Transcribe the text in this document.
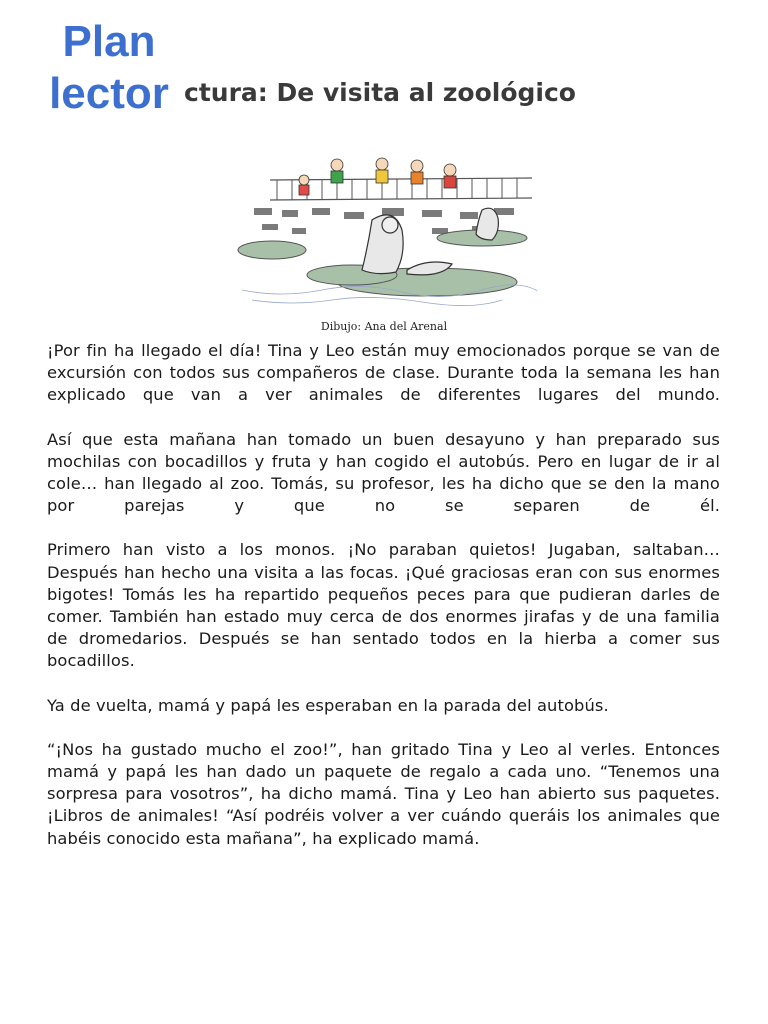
Plan
lector ctura: De visita al zoológico
Dibujo: Ana del Arenal

¡Por fin ha llegado el día! Tina y Leo están muy emocionados porque se van de excursión con todos sus compañeros de clase. Durante toda la semana les han explicado que van a ver animales de diferentes lugares del mundo.

Así que esta mañana han tomado un buen desayuno y han preparado sus mochilas con bocadillos y fruta y han cogido el autobús. Pero en lugar de ir al cole… han llegado al zoo. Tomás, su profesor, les ha dicho que se den la mano por parejas y que no se separen de él.

Primero han visto a los monos. ¡No paraban quietos! Jugaban, saltaban… Después han hecho una visita a las focas. ¡Qué graciosas eran con sus enormes bigotes! Tomás les ha repartido pequeños peces para que pudieran darles de comer. También han estado muy cerca de dos enormes jirafas y de una familia de dromedarios. Después se han sentado todos en la hierba a comer sus bocadillos.

Ya de vuelta, mamá y papá les esperaban en la parada del autobús.

“¡Nos ha gustado mucho el zoo!”, han gritado Tina y Leo al verles. Entonces mamá y papá les han dado un paquete de regalo a cada uno. “Tenemos una sorpresa para vosotros”, ha dicho mamá. Tina y Leo han abierto sus paquetes. ¡Libros de animales! “Así podréis volver a ver cuándo queráis los animales que habéis conocido esta mañana”, ha explicado mamá.
